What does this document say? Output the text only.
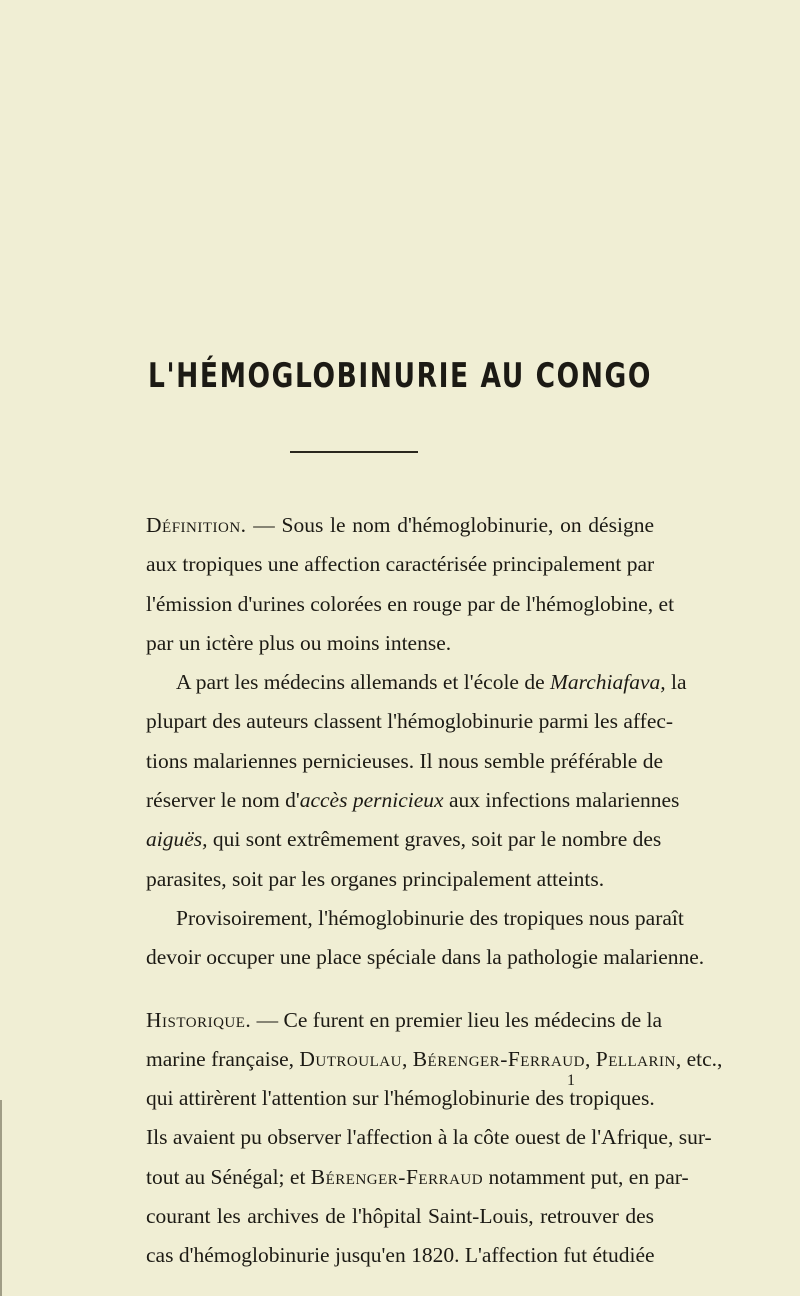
L'HÉMOGLOBINURIE AU CONGO
Définition. — Sous le nom d'hémoglobinurie, on désigne
aux tropiques une affection caractérisée principalement par
l'émission d'urines colorées en rouge par de l'hémoglobine, et
par un ictère plus ou moins intense.
A part les médecins allemands et l'école de Marchiafava, la
plupart des auteurs classent l'hémoglobinurie parmi les affec-
tions malariennes pernicieuses. Il nous semble préférable de
réserver le nom d'accès pernicieux aux infections malariennes
aiguës, qui sont extrêmement graves, soit par le nombre des
parasites, soit par les organes principalement atteints.
Provisoirement, l'hémoglobinurie des tropiques nous paraît
devoir occuper une place spéciale dans la pathologie malarienne.
Historique. — Ce furent en premier lieu les médecins de la
marine française, Dutroulau, Bérenger-Ferraud, Pellarin, etc.,
qui attirèrent l'attention sur l'hémoglobinurie des tropiques.
Ils avaient pu observer l'affection à la côte ouest de l'Afrique, sur-
tout au Sénégal; et Bérenger-Ferraud notamment put, en par-
courant les archives de l'hôpital Saint-Louis, retrouver des
cas d'hémoglobinurie jusqu'en 1820. L'affection fut étudiée
1
